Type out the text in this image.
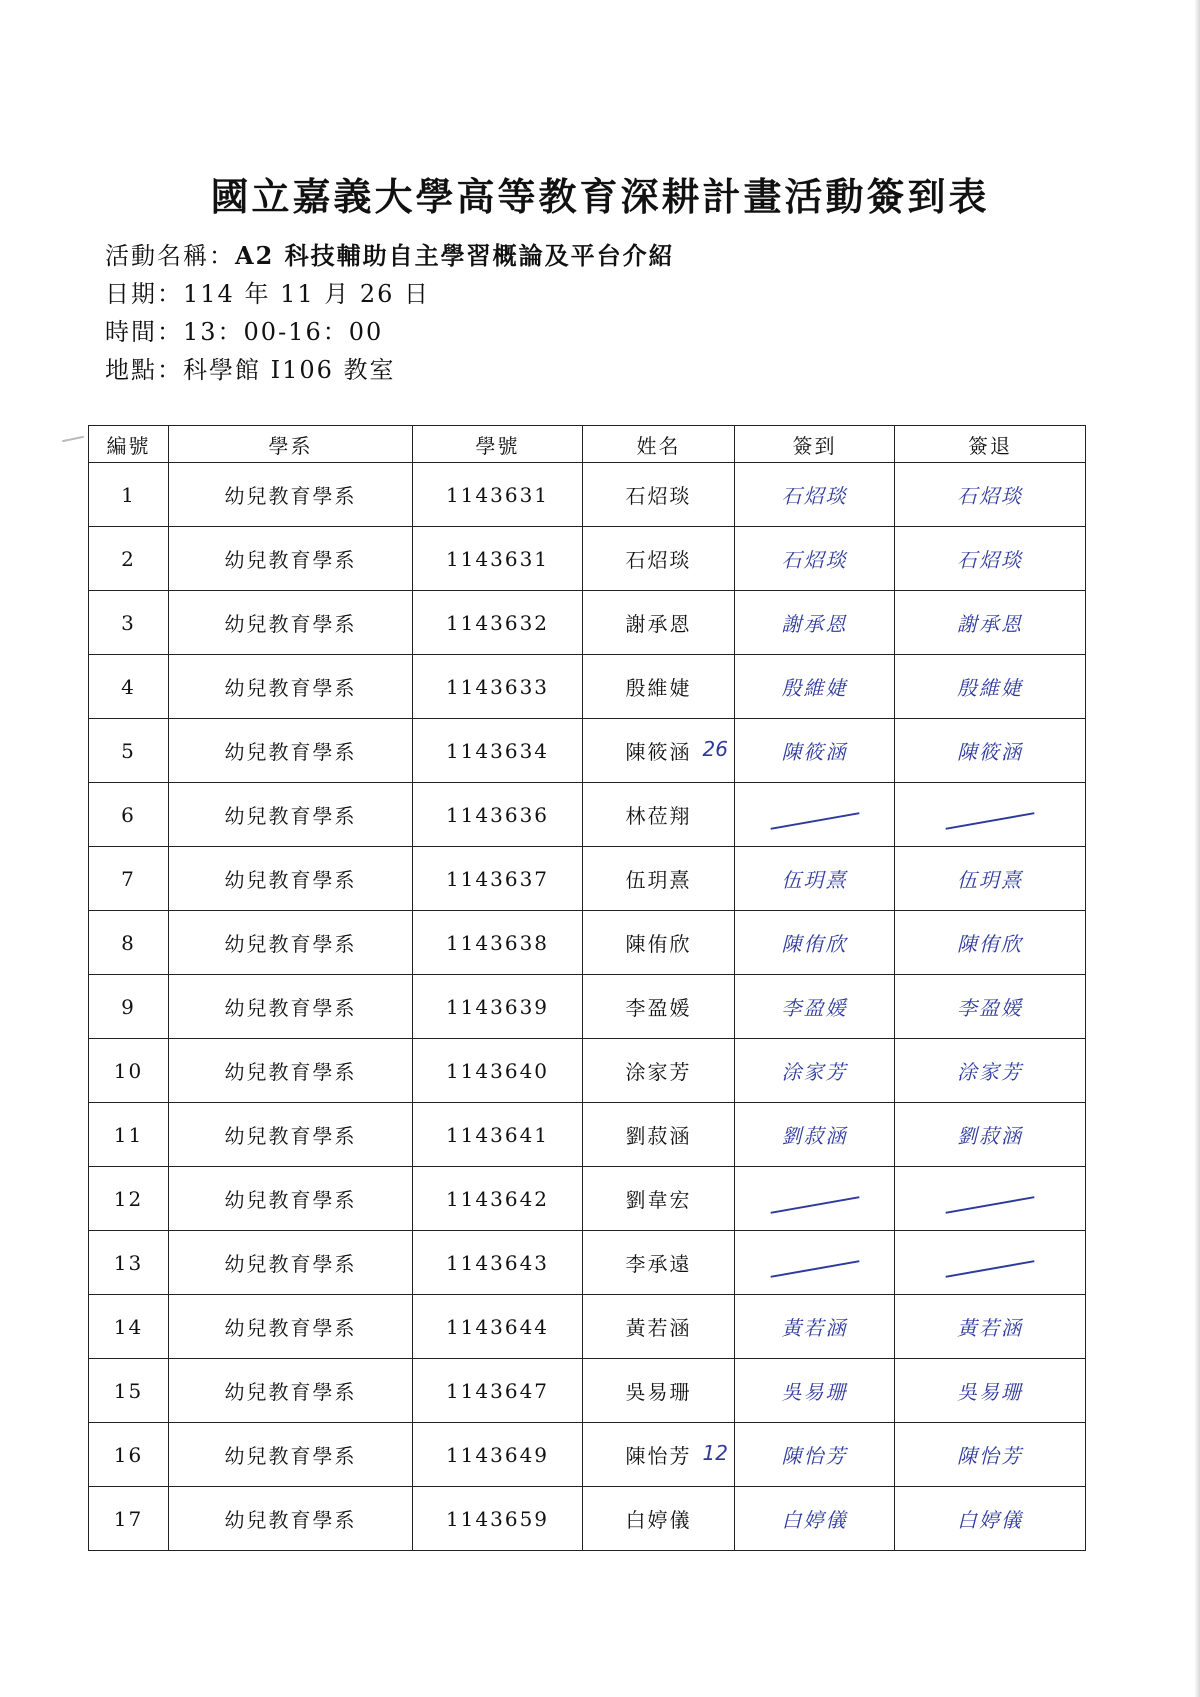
國立嘉義大學高等教育深耕計畫活動簽到表
活動名稱：A2 科技輔助自主學習概論及平台介紹
日期：114 年 11 月 26 日
時間：13：00-16：00
地點：科學館 I106 教室
編號	學系	學號	姓名	簽到	簽退
1	幼兒教育學系	1143631	石炤琰	石炤琰	石炤琰
2	幼兒教育學系	1143631	石炤琰	石炤琰	石炤琰
3	幼兒教育學系	1143632	謝承恩	謝承恩	謝承恩
4	幼兒教育學系	1143633	殷維婕	殷維婕	殷維婕
5	幼兒教育學系	1143634	陳筱涵 26	陳筱涵	陳筱涵
6	幼兒教育學系	1143636	林莅翔		
7	幼兒教育學系	1143637	伍玥熹	伍玥熹	伍玥熹
8	幼兒教育學系	1143638	陳侑欣	陳侑欣	陳侑欣
9	幼兒教育學系	1143639	李盈媛	李盈媛	李盈媛
10	幼兒教育學系	1143640	涂家芳	涂家芳	涂家芳
11	幼兒教育學系	1143641	劉菽涵	劉菽涵	劉菽涵
12	幼兒教育學系	1143642	劉韋宏		
13	幼兒教育學系	1143643	李承遠		
14	幼兒教育學系	1143644	黃若涵	黃若涵	黃若涵
15	幼兒教育學系	1143647	吳易珊	吳易珊	吳易珊
16	幼兒教育學系	1143649	陳怡芳 12	陳怡芳	陳怡芳
17	幼兒教育學系	1143659	白婷儀	白婷儀	白婷儀
